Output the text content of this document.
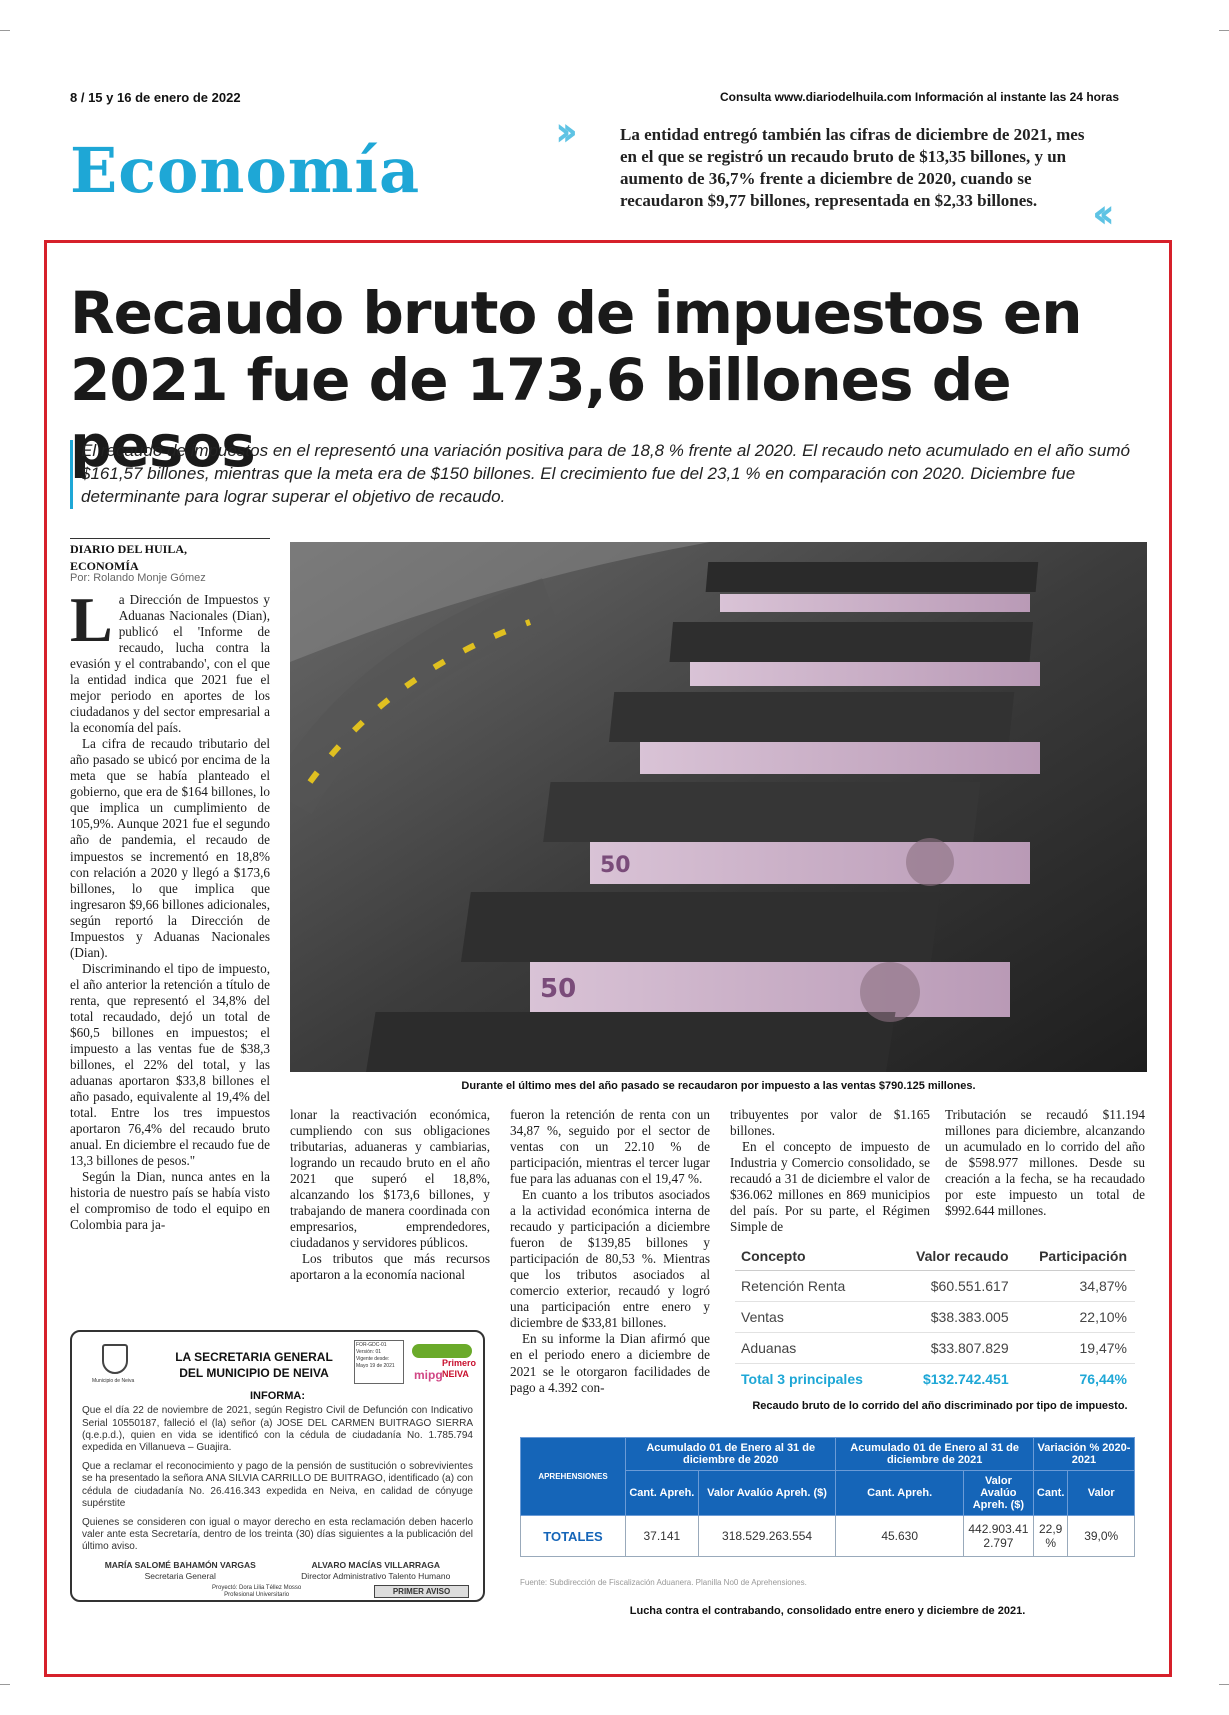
8 / 15 y 16 de enero de 2022	Consulta www.diariodelhuila.com Información al instante las 24 horas
Economía
››	La entidad entregó también las cifras de diciembre de 2021, mes en el que se registró un recaudo bruto de $13,35 billones, y un aumento de 36,7% frente a diciembre de 2020, cuando se recaudaron $9,77 billones, representada en $2,33 billones.	‹‹
Recaudo bruto de impuestos en
2021 fue de 173,6 billones de pesos
El recaudo de impuestos en el representó una variación positiva para de 18,8 % frente al 2020. El recaudo neto acumulado en el año sumó $161,57 billones, mientras que la meta era de $150 billones. El crecimiento fue del 23,1 % en comparación con 2020. Diciembre fue determinante para lograr superar el objetivo de recaudo.
DIARIO DEL HUILA,
ECONOMÍA
Por: Rolando Monje Gómez
L a Dirección de Impuestos y Aduanas Nacionales (Dian), publicó el 'Informe de recaudo, lucha contra la evasión y el contrabando', con el que la entidad indica que 2021 fue el mejor periodo en aportes de los ciudadanos y del sector empresarial a la economía del país.

La cifra de recaudo tributario del año pasado se ubicó por encima de la meta que se había planteado el gobierno, que era de $164 billones, lo que implica un cumplimiento de 105,9%. Aunque 2021 fue el segundo año de pandemia, el recaudo de impuestos se incrementó en 18,8% con relación a 2020 y llegó a $173,6 billones, lo que implica que ingresaron $9,66 billones adicionales, según reportó la Dirección de Impuestos y Aduanas Nacionales (Dian).

Discriminando el tipo de impuesto, el año anterior la retención a título de renta, que representó el 34,8% del total recaudado, dejó un total de $60,5 billones en impuestos; el impuesto a las ventas fue de $38,3 billones, el 22% del total, y las aduanas aportaron $33,8 billones el año pasado, equivalente al 19,4% del total. Entre los tres impuestos aportaron 76,4% del recaudo bruto anual. En diciembre el recaudo fue de 13,3 billones de pesos."

Según la Dian, nunca antes en la historia de nuestro país se había visto el compromiso de todo el equipo en Colombia para ja-

50
50
Durante el último mes del año pasado se recaudaron por impuesto a las ventas $790.125 millones.

lonar la reactivación económica, cumpliendo con sus obligaciones tributarias, aduaneras y cambiarias, logrando un recaudo bruto en el año 2021 que superó el 18,8%, alcanzando los $173,6 billones, y trabajando de manera coordinada con empresarios, emprendedores, ciudadanos y servidores públicos.

Los tributos que más recursos aportaron a la economía nacional

fueron la retención de renta con un 34,87 %, seguido por el sector de ventas con un 22.10 % de participación, mientras el tercer lugar fue para las aduanas con el 19,47 %.

En cuanto a los tributos asociados a la actividad económica interna de recaudo y participación a diciembre fueron de $139,85 billones y participación de 80,53 %. Mientras que los tributos asociados al comercio exterior, recaudó y logró una participación entre enero y diciembre de $33,81 billones.

En su informe la Dian afirmó que en el periodo enero a diciembre de 2021 se le otorgaron facilidades de pago a 4.392 con-

tribuyentes por valor de $1.165 billones.

En el concepto de impuesto de Industria y Comercio consolidado, se recaudó a 31 de diciembre el valor de $36.062 millones en 869 municipios del país. Por su parte, el Régimen Simple de

Tributación se recaudó $11.194 millones para diciembre, alcanzando un acumulado en lo corrido del año de $598.977 millones. Desde su creación a la fecha, se ha recaudado por este impuesto un total de $992.644 millones.

Concepto	Valor recaudo	Participación
Retención Renta	$60.551.617	34,87%
Ventas	$38.383.005	22,10%
Aduanas	$33.807.829	19,47%
Total 3 principales	$132.742.451	76,44%
Recaudo bruto de lo corrido del año discriminado por tipo de impuesto.
APREHENSIONES	Acumulado 01 de Enero al 31 de diciembre de 2020		Acumulado 01 de Enero al 31 de diciembre de 2021		Variación % 2020-2021	
	Cant. Apreh.	Valor Avalúo Apreh. ($)	Cant. Apreh.	Valor Avalúo Apreh. ($)	Cant.	Valor
TOTALES	37.141	318.529.263.554	45.630	442.903.412.797	22,9 %	39,0%
Fuente: Subdirección de Fiscalización Aduanera. Planilla No0 de Aprehensiones.
Lucha contra el contrabando, consolidado entre enero y diciembre de 2021.
Municipio de Neiva
LA SECRETARIA GENERAL DEL MUNICIPIO DE NEIVA
FOR-GDC-01
Versión: 01
Vigente desde: Mayo 19 de 2021	Primero NEIVA
mipg
INFORMA:

Que el día 22 de noviembre de 2021, según Registro Civil de Defunción con Indicativo Serial 10550187, falleció el (la) señor (a) JOSE DEL CARMEN BUITRAGO SIERRA (q.e.p.d.), quien en vida se identificó con la cédula de ciudadanía No. 1.785.794 expedida en Villanueva – Guajira.

Que a reclamar el reconocimiento y pago de la pensión de sustitución o sobrevivientes se ha presentado la señora ANA SILVIA CARRILLO DE BUITRAGO, identificado (a) con cédula de ciudadanía No. 26.416.343 expedida en Neiva, en calidad de cónyuge supérstite

Quienes se consideren con igual o mayor derecho en esta reclamación deben hacerlo valer ante esta Secretaría, dentro de los treinta (30) días siguientes a la publicación del último aviso.

MARÍA SALOMÉ BAHAMÓN VARGAS
Secretaria General
ALVARO MACÍAS VILLARRAGA
Director Administrativo Talento Humano
Proyectó: Dora Lilia Téllez Mosso
Profesional Universitario	PRIMER AVISO
